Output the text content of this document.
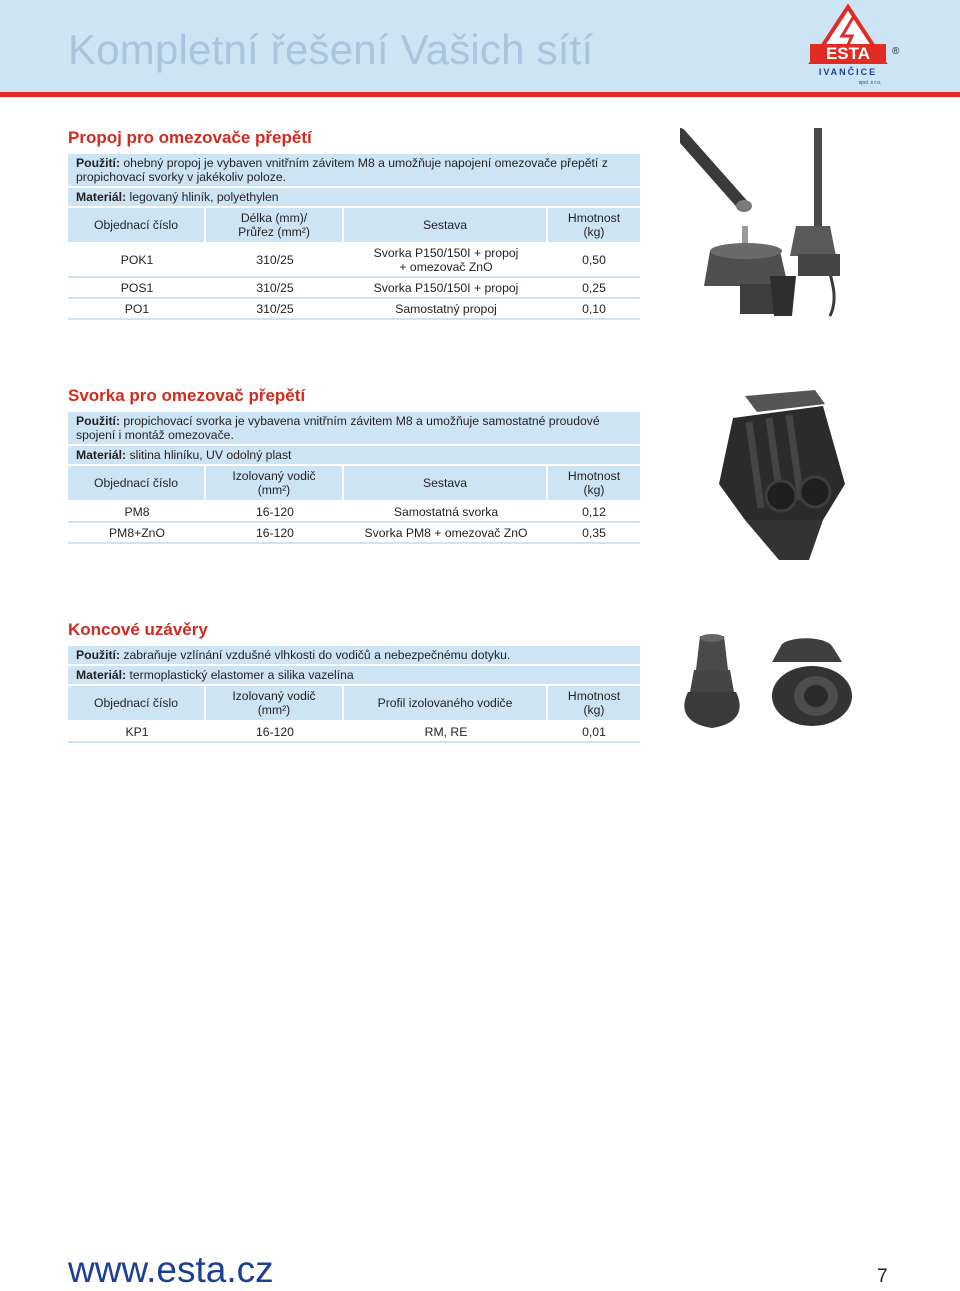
Kompletní řešení Vašich sítí	ESTA ®
IVANČICE
spol. s r.o.
Propoj pro omezovače přepětí
Použití: ohebný propoj je vybaven vnitřním závitem M8 a umožňuje napojení omezovače přepětí z propichovací svorky v jakékoliv poloze.
Materiál: legovaný hliník, polyethylen
Objednací číslo	Délka (mm)/
Průřez (mm²)	Sestava	Hmotnost
(kg)
POK1	310/25	Svorka P150/150I + propoj
+ omezovač ZnO	0,50
POS1	310/25	Svorka P150/150I + propoj	0,25
PO1	310/25	Samostatný propoj	0,10
Svorka pro omezovač přepětí
Použití: propichovací svorka je vybavena vnitřním závitem M8 a umožňuje samostatné proudové spojení i montáž omezovače.
Materiál: slitina hliníku, UV odolný plast
Objednací číslo	Izolovaný vodič
(mm²)	Sestava	Hmotnost
(kg)
PM8	16-120	Samostatná svorka	0,12
PM8+ZnO	16-120	Svorka PM8 + omezovač ZnO	0,35
Koncové uzávěry
Použití: zabraňuje vzlínání vzdušné vlhkosti do vodičů a nebezpečnému dotyku.
Materiál: termoplastický elastomer a silika vazelína
Objednací číslo	Izolovaný vodič
(mm²)	Profil izolovaného vodiče	Hmotnost
(kg)
KP1	16-120	RM, RE	0,01
www.esta.cz	7
